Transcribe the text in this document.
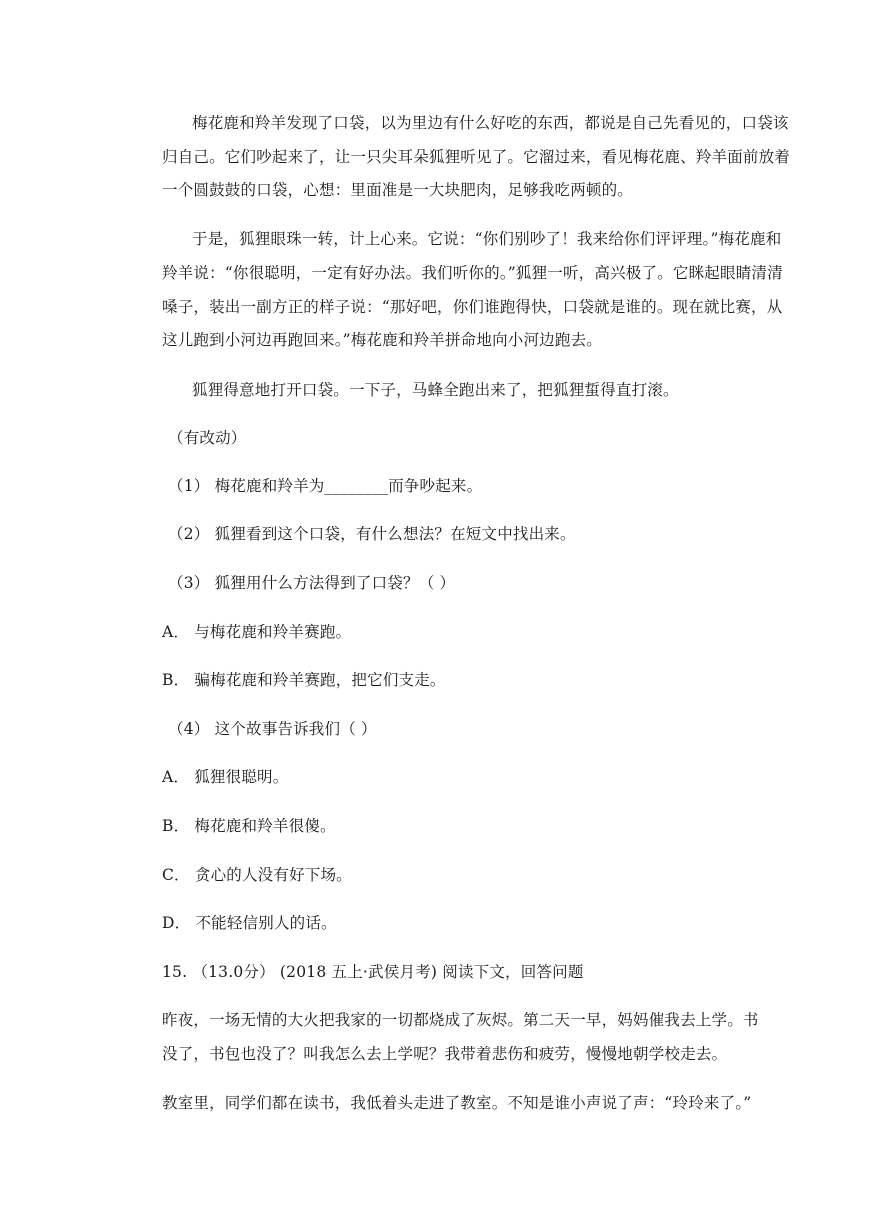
梅花鹿和羚羊发现了口袋，以为里边有什么好吃的东西，都说是自己先看见的，口袋该
归自己。它们吵起来了，让一只尖耳朵狐狸听见了。它溜过来，看见梅花鹿、羚羊面前放着
一个圆鼓鼓的口袋，心想：里面准是一大块肥肉，足够我吃两顿的。
于是，狐狸眼珠一转，计上心来。它说：“你们别吵了！我来给你们评评理。”梅花鹿和
羚羊说：“你很聪明，一定有好办法。我们听你的。”狐狸一听，高兴极了。它眯起眼睛清清
嗓子，装出一副方正的样子说：“那好吧，你们谁跑得快，口袋就是谁的。现在就比赛，从
这儿跑到小河边再跑回来。”梅花鹿和羚羊拼命地向小河边跑去。
狐狸得意地打开口袋。一下子，马蜂全跑出来了，把狐狸蜇得直打滚。
（有改动）
（1） 梅花鹿和羚羊为________而争吵起来。
（2） 狐狸看到这个口袋，有什么想法？在短文中找出来。
（3） 狐狸用什么方法得到了口袋？（ ）
A． 与梅花鹿和羚羊赛跑。
B． 骗梅花鹿和羚羊赛跑，把它们支走。
（4） 这个故事告诉我们（ ）
A． 狐狸很聪明。
B． 梅花鹿和羚羊很傻。
C． 贪心的人没有好下场。
D． 不能轻信别人的话。
15. （13.0分） (2018 五上·武侯月考) 阅读下文，回答问题
昨夜，一场无情的大火把我家的一切都烧成了灰烬。第二天一早，妈妈催我去上学。书
没了，书包也没了？叫我怎么去上学呢？我带着悲伤和疲劳，慢慢地朝学校走去。
教室里，同学们都在读书，我低着头走进了教室。不知是谁小声说了声：“玲玲来了。”
